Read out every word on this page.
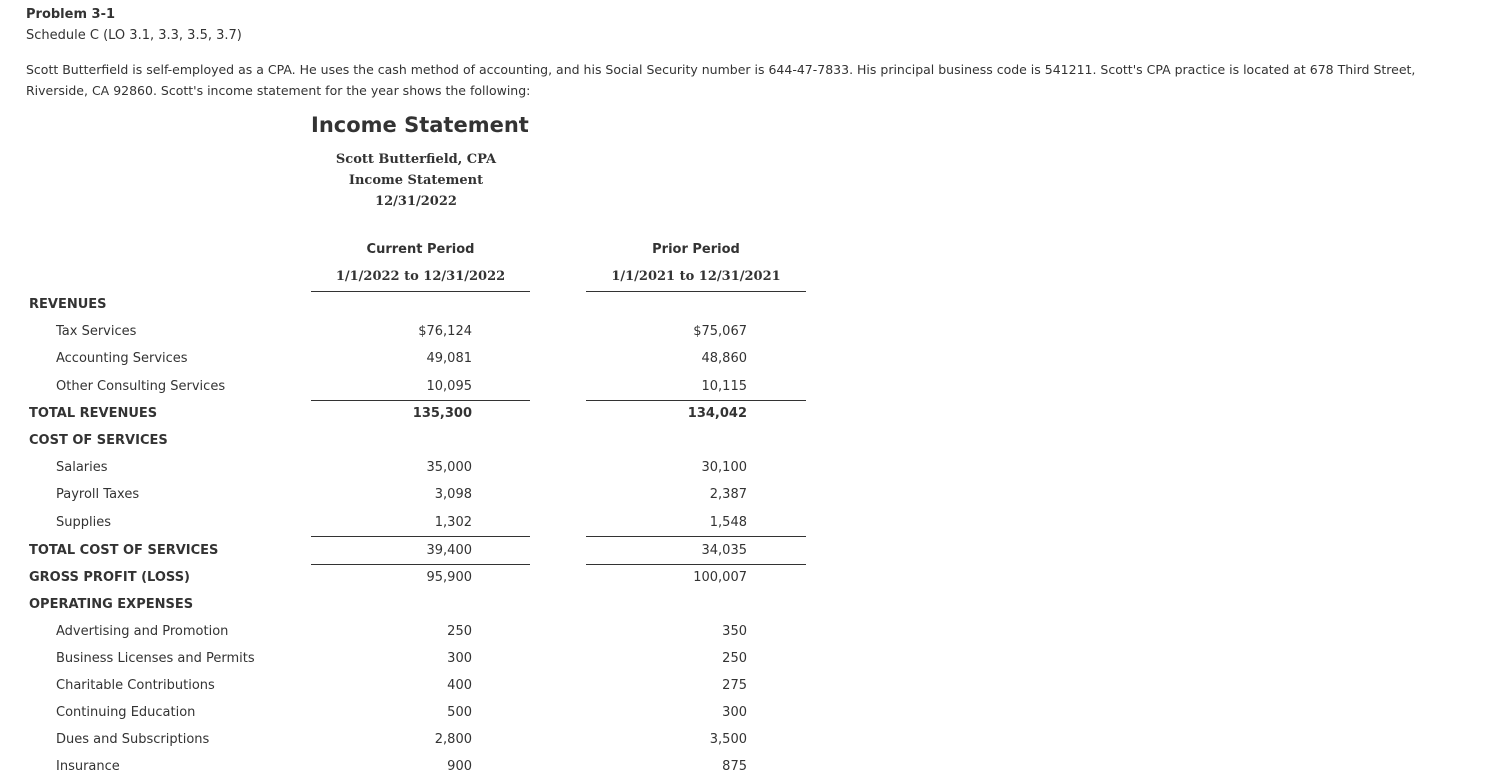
Problem 3-1
Schedule C (LO 3.1, 3.3, 3.5, 3.7)
Scott Butterfield is self-employed as a CPA. He uses the cash method of accounting, and his Social Security number is 644-47-7833. His principal business code is 541211. Scott's CPA practice is located at 678 Third Street, Riverside, CA 92860. Scott's income statement for the year shows the following:
Income Statement
Scott Butterfield, CPA
Income Statement
12/31/2022
Current Period
1/1/2022 to 12/31/2022
Prior Period
1/1/2021 to 12/31/2021
REVENUES
Tax Services	$76,124	$75,067
Accounting Services	49,081	48,860
Other Consulting Services	10,095	10,115
TOTAL REVENUES	135,300	134,042
COST OF SERVICES
Salaries	35,000	30,100
Payroll Taxes	3,098	2,387
Supplies	1,302	1,548
TOTAL COST OF SERVICES	39,400	34,035
GROSS PROFIT (LOSS)	95,900	100,007
OPERATING EXPENSES
Advertising and Promotion	250	350
Business Licenses and Permits	300	250
Charitable Contributions	400	275
Continuing Education	500	300
Dues and Subscriptions	2,800	3,500
Insurance	900	875
